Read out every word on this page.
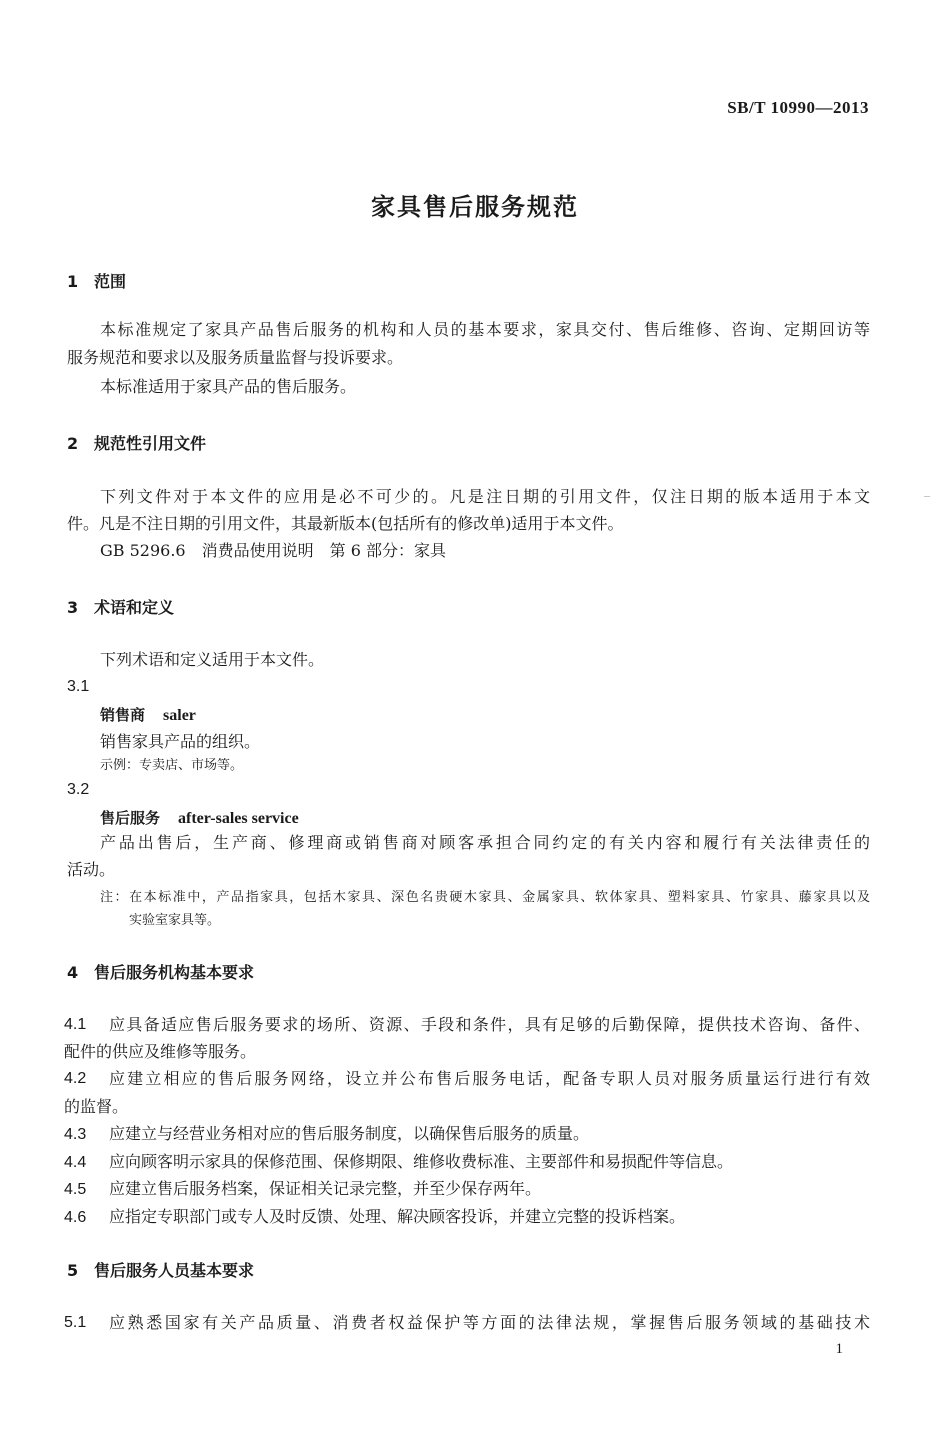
SB/T 10990—2013
家具售后服务规范
1 范围
本标准规定了家具产品售后服务的机构和人员的基本要求，家具交付、售后维修、咨询、定期回访等
服务规范和要求以及服务质量监督与投诉要求。
本标准适用于家具产品的售后服务。
2 规范性引用文件
下列文件对于本文件的应用是必不可少的。凡是注日期的引用文件，仅注日期的版本适用于本文
件。凡是不注日期的引用文件，其最新版本(包括所有的修改单)适用于本文件。
GB 5296.6　消费品使用说明　第 6 部分：家具
3 术语和定义
下列术语和定义适用于本文件。
3.1
销售商 saler
销售家具产品的组织。
示例：专卖店、市场等。
3.2
售后服务 after-sales service
产品出售后，生产商、修理商或销售商对顾客承担合同约定的有关内容和履行有关法律责任的
活动。
注：在本标准中，产品指家具，包括木家具、深色名贵硬木家具、金属家具、软体家具、塑料家具、竹家具、藤家具以及
实验室家具等。
4 售后服务机构基本要求
4.1	应具备适应售后服务要求的场所、资源、手段和条件，具有足够的后勤保障，提供技术咨询、备件、
配件的供应及维修等服务。
4.2	应建立相应的售后服务网络，设立并公布售后服务电话，配备专职人员对服务质量运行进行有效
的监督。
4.3 应建立与经营业务相对应的售后服务制度，以确保售后服务的质量。
4.4 应向顾客明示家具的保修范围、保修期限、维修收费标准、主要部件和易损配件等信息。
4.5 应建立售后服务档案，保证相关记录完整，并至少保存两年。
4.6 应指定专职部门或专人及时反馈、处理、解决顾客投诉，并建立完整的投诉档案。
5 售后服务人员基本要求
5.1	应熟悉国家有关产品质量、消费者权益保护等方面的法律法规，掌握售后服务领域的基础技术
1
